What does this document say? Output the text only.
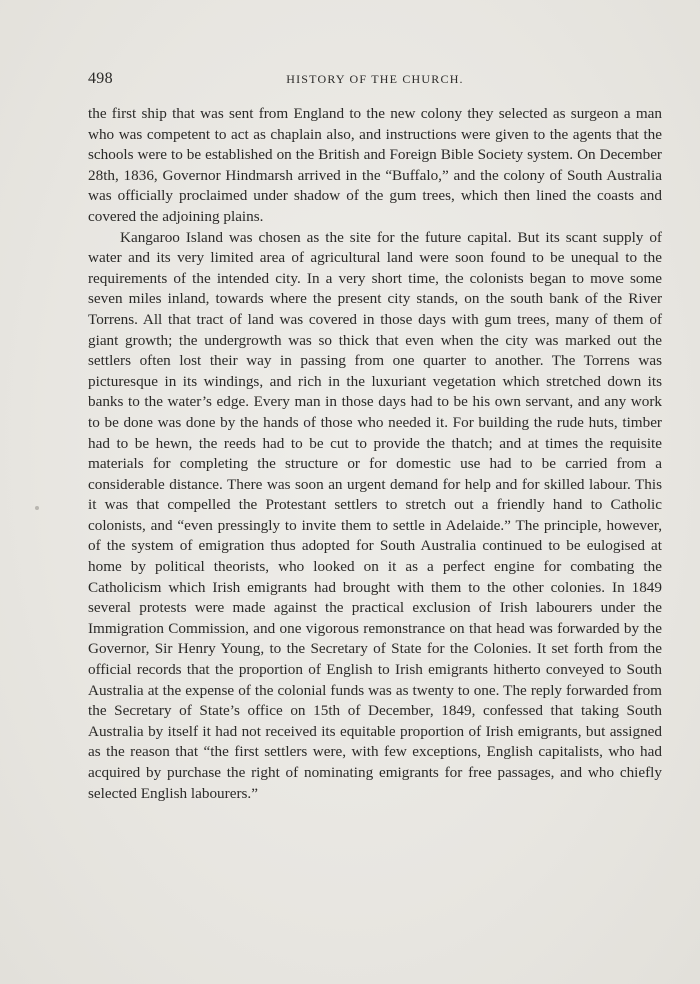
498	HISTORY OF THE CHURCH.

the first ship that was sent from England to the new colony they selected as surgeon a man who was competent to act as chaplain also, and instructions were given to the agents that the schools were to be established on the British and Foreign Bible Society system. On December 28th, 1836, Governor Hindmarsh arrived in the “Buffalo,” and the colony of South Australia was officially proclaimed under shadow of the gum trees, which then lined the coasts and covered the adjoining plains.

Kangaroo Island was chosen as the site for the future capital. But its scant supply of water and its very limited area of agricultural land were soon found to be unequal to the requirements of the intended city. In a very short time, the colonists began to move some seven miles inland, towards where the present city stands, on the south bank of the River Torrens. All that tract of land was covered in those days with gum trees, many of them of giant growth; the undergrowth was so thick that even when the city was marked out the settlers often lost their way in passing from one quarter to another. The Torrens was picturesque in its windings, and rich in the luxuriant vegetation which stretched down its banks to the water’s edge. Every man in those days had to be his own servant, and any work to be done was done by the hands of those who needed it. For building the rude huts, timber had to be hewn, the reeds had to be cut to provide the thatch; and at times the requisite materials for completing the structure or for domestic use had to be carried from a considerable distance. There was soon an urgent demand for help and for skilled labour. This it was that compelled the Protestant settlers to stretch out a friendly hand to Catholic colonists, and “even pressingly to invite them to settle in Adelaide.” The principle, however, of the system of emigration thus adopted for South Australia continued to be eulogised at home by political theorists, who looked on it as a perfect engine for combating the Catholicism which Irish emigrants had brought with them to the other colonies. In 1849 several protests were made against the practical exclusion of Irish labourers under the Immigration Commission, and one vigorous remonstrance on that head was forwarded by the Governor, Sir Henry Young, to the Secretary of State for the Colonies. It set forth from the official records that the proportion of English to Irish emigrants hitherto conveyed to South Australia at the expense of the colonial funds was as twenty to one. The reply forwarded from the Secretary of State’s office on 15th of December, 1849, confessed that taking South Australia by itself it had not received its equitable proportion of Irish emigrants, but assigned as the reason that “the first settlers were, with few exceptions, English capitalists, who had acquired by purchase the right of nominating emigrants for free passages, and who chiefly selected English labourers.”
